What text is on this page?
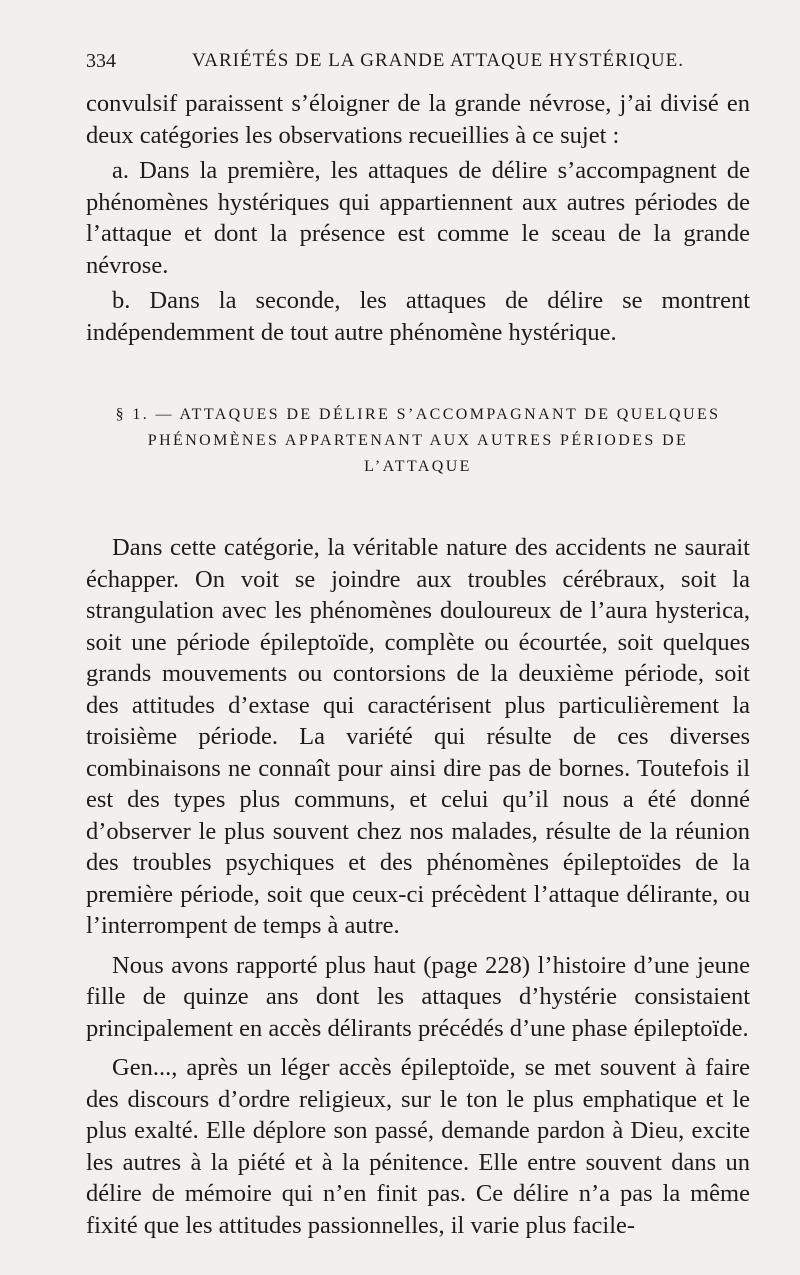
334	VARIÉTÉS DE LA GRANDE ATTAQUE HYSTÉRIQUE.

convulsif paraissent s’éloigner de la grande névrose, j’ai divisé en deux catégories les observations recueillies à ce sujet :

a. Dans la première, les attaques de délire s’accompagnent de phénomènes hystériques qui appartiennent aux autres périodes de l’attaque et dont la présence est comme le sceau de la grande névrose.

b. Dans la seconde, les attaques de délire se montrent indépendemment de tout autre phénomène hystérique.

§ 1. — ATTAQUES DE DÉLIRE S’ACCOMPAGNANT DE QUELQUES PHÉNOMÈNES APPARTENANT AUX AUTRES PÉRIODES DE L’ATTAQUE

Dans cette catégorie, la véritable nature des accidents ne saurait échapper. On voit se joindre aux troubles cérébraux, soit la strangulation avec les phénomènes douloureux de l’aura hysterica, soit une période épileptoïde, complète ou écourtée, soit quelques grands mouvements ou contorsions de la deuxième période, soit des attitudes d’extase qui caractérisent plus particulièrement la troisième période. La variété qui résulte de ces diverses combinaisons ne connaît pour ainsi dire pas de bornes. Toutefois il est des types plus communs, et celui qu’il nous a été donné d’observer le plus souvent chez nos malades, résulte de la réunion des troubles psychiques et des phénomènes épileptoïdes de la première période, soit que ceux-ci précèdent l’attaque délirante, ou l’interrompent de temps à autre.

Nous avons rapporté plus haut (page 228) l’histoire d’une jeune fille de quinze ans dont les attaques d’hystérie consistaient principalement en accès délirants précédés d’une phase épileptoïde.

Gen..., après un léger accès épileptoïde, se met souvent à faire des discours d’ordre religieux, sur le ton le plus emphatique et le plus exalté. Elle déplore son passé, demande pardon à Dieu, excite les autres à la piété et à la pénitence. Elle entre souvent dans un délire de mémoire qui n’en finit pas. Ce délire n’a pas la même fixité que les attitudes passionnelles, il varie plus facile-
